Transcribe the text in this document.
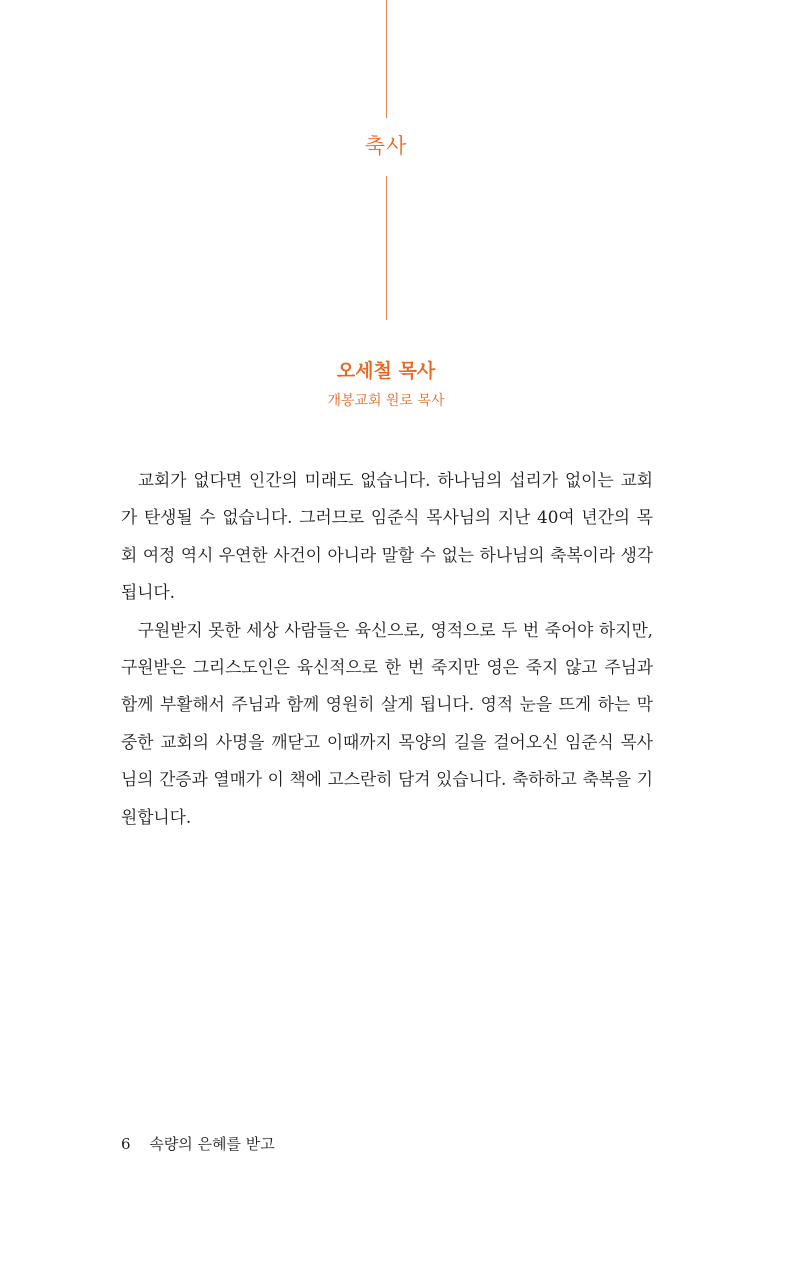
축사
오세철 목사
개봉교회 원로 목사

교회가 없다면 인간의 미래도 없습니다. 하나님의 섭리가 없이는 교회가 탄생될 수 없습니다. 그러므로 임준식 목사님의 지난 40여 년간의 목회 여정 역시 우연한 사건이 아니라 말할 수 없는 하나님의 축복이라 생각됩니다.

구원받지 못한 세상 사람들은 육신으로, 영적으로 두 번 죽어야 하지만, 구원받은 그리스도인은 육신적으로 한 번 죽지만 영은 죽지 않고 주님과 함께 부활해서 주님과 함께 영원히 살게 됩니다. 영적 눈을 뜨게 하는 막중한 교회의 사명을 깨닫고 이때까지 목양의 길을 걸어오신 임준식 목사님의 간증과 열매가 이 책에 고스란히 담겨 있습니다. 축하하고 축복을 기원합니다.

6 속량의 은혜를 받고
